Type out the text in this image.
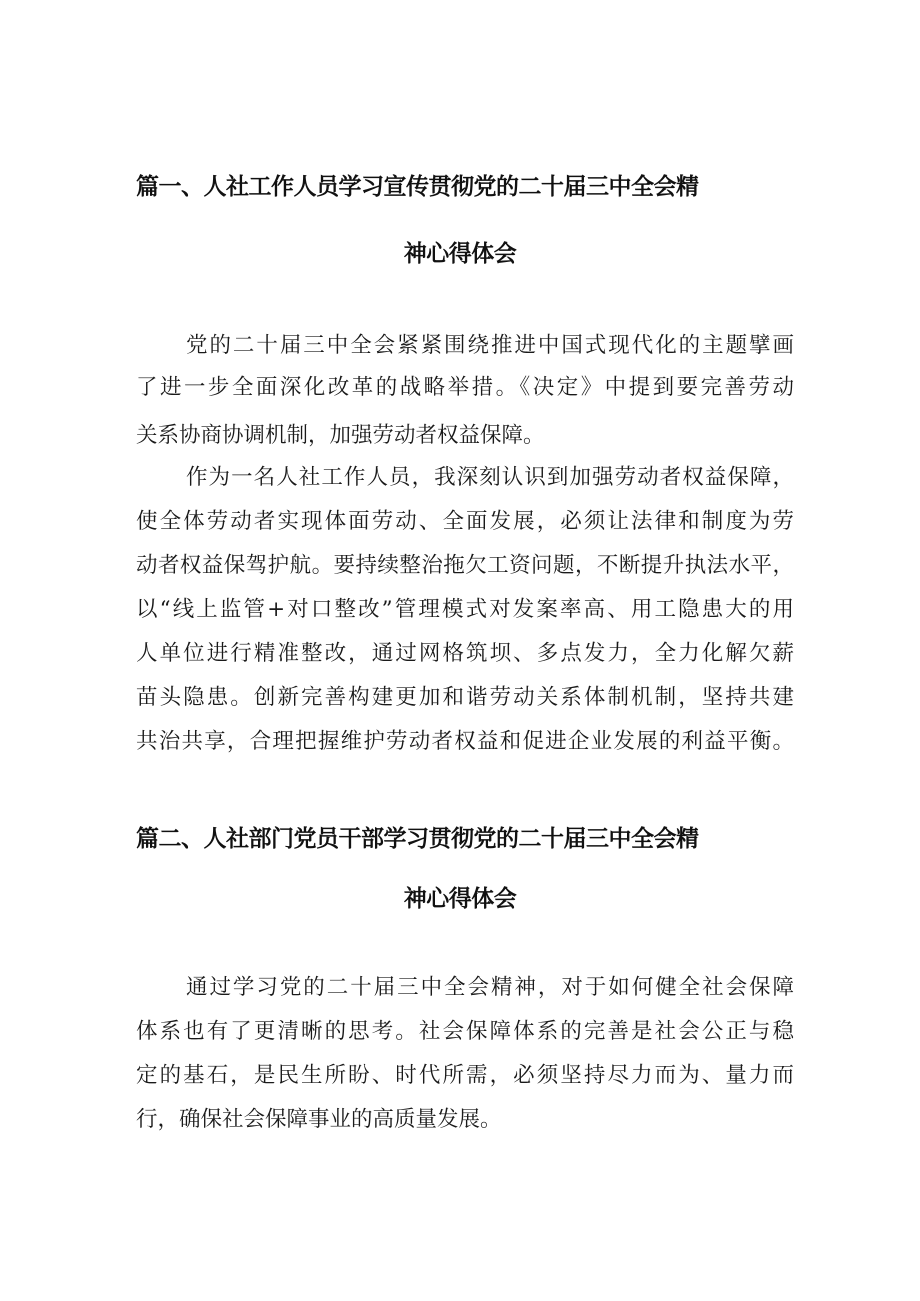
篇一、人社工作人员学习宣传贯彻党的二十届三中全会精
神心得体会
党的二十届三中全会紧紧围绕推进中国式现代化的主题擘画
了进一步全面深化改革的战略举措。《决定》中提到要完善劳动
关系协商协调机制，加强劳动者权益保障。
作为一名人社工作人员，我深刻认识到加强劳动者权益保障，
使全体劳动者实现体面劳动、全面发展，必须让法律和制度为劳
动者权益保驾护航。要持续整治拖欠工资问题，不断提升执法水平，
以“线上监管+对口整改”管理模式对发案率高、用工隐患大的用
人单位进行精准整改，通过网格筑坝、多点发力，全力化解欠薪
苗头隐患。创新完善构建更加和谐劳动关系体制机制，坚持共建
共治共享，合理把握维护劳动者权益和促进企业发展的利益平衡。
篇二、人社部门党员干部学习贯彻党的二十届三中全会精
神心得体会
通过学习党的二十届三中全会精神，对于如何健全社会保障
体系也有了更清晰的思考。社会保障体系的完善是社会公正与稳
定的基石，是民生所盼、时代所需，必须坚持尽力而为、量力而
行，确保社会保障事业的高质量发展。
